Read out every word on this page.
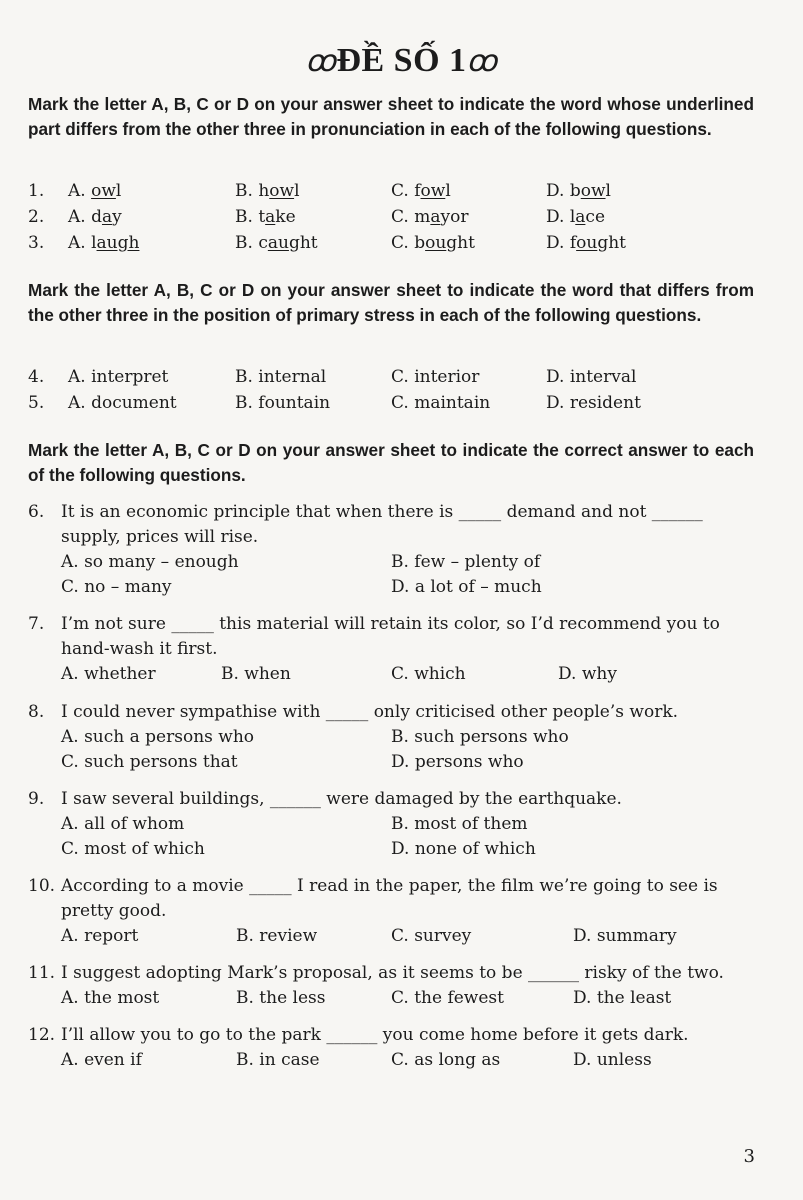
ꝏĐỀ SỐ 1ꝏ
Mark the letter A, B, C or D on your answer sheet to indicate the word whose underlined part differs from the other three in pronunciation in each of the following questions.
1. A. owl	B. howl	C. fowl	D. bowl
2. A. day	B. take	C. mayor	D. lace
3. A. laugh	B. caught	C. bought	D. fought
Mark the letter A, B, C or D on your answer sheet to indicate the word that differs from the other three in the position of primary stress in each of the following questions.
4. A. interpret	B. internal	C. interior	D. interval
5. A. document	B. fountain	C. maintain	D. resident
Mark the letter A, B, C or D on your answer sheet to indicate the correct answer to each of the following questions.
6. It is an economic principle that when there is _____ demand and not ______
supply, prices will rise.
A. so many – enough	B. few – plenty of
C. no – many	D. a lot of – much
7. I’m not sure _____ this material will retain its color, so I’d recommend you to
hand-wash it first.
A. whether	B. when	C. which	D. why
8. I could never sympathise with _____ only criticised other people’s work.
A. such a persons who	B. such persons who
C. such persons that	D. persons who
9. I saw several buildings, ______ were damaged by the earthquake.
A. all of whom	B. most of them
C. most of which	D. none of which
10. According to a movie _____ I read in the paper, the film we’re going to see is
pretty good.
A. report	B. review	C. survey	D. summary
11. I suggest adopting Mark’s proposal, as it seems to be ______ risky of the two.
A. the most	B. the less	C. the fewest	D. the least
12. I’ll allow you to go to the park ______ you come home before it gets dark.
A. even if	B. in case	C. as long as	D. unless
3
